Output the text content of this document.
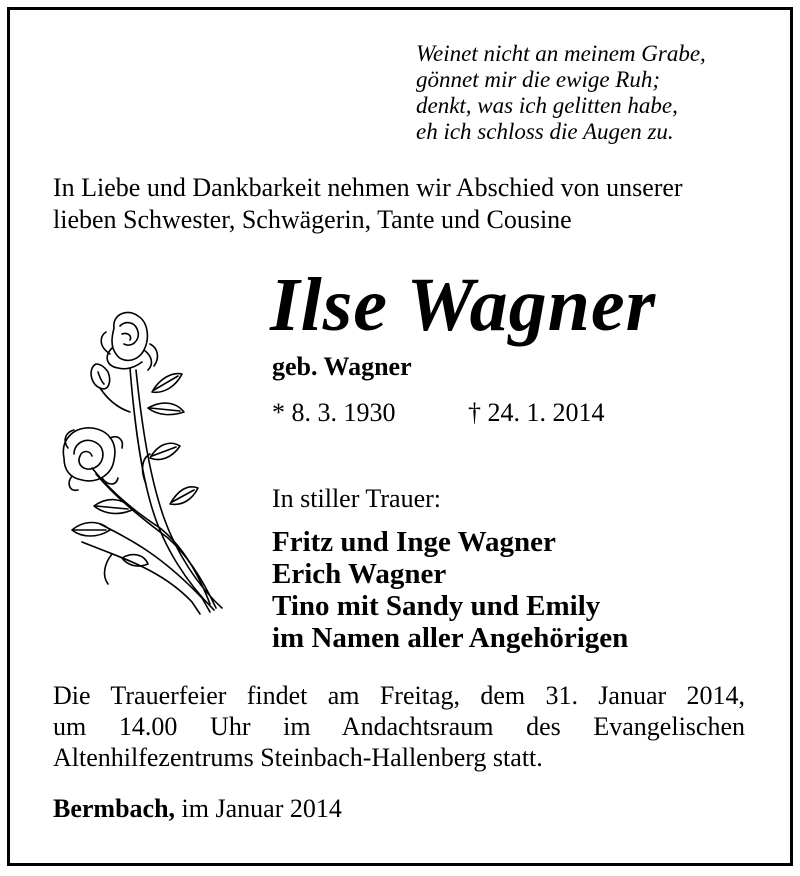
Weinet nicht an meinem Grabe,
gönnet mir die ewige Ruh;
denkt, was ich gelitten habe,
eh ich schloss die Augen zu.
In Liebe und Dankbarkeit nehmen wir Abschied von unserer
lieben Schwester, Schwägerin, Tante und Cousine
Ilse Wagner
geb. Wagner
* 8. 3. 1930	† 24. 1. 2014
In stiller Trauer:
Fritz und Inge Wagner
Erich Wagner
Tino mit Sandy und Emily
im Namen aller Angehörigen
Die Trauerfeier findet am Freitag, dem 31. Januar 2014,
um 14.00 Uhr im Andachtsraum des Evangelischen
Altenhilfezentrums Steinbach-Hallenberg statt.
Bermbach, im Januar 2014
